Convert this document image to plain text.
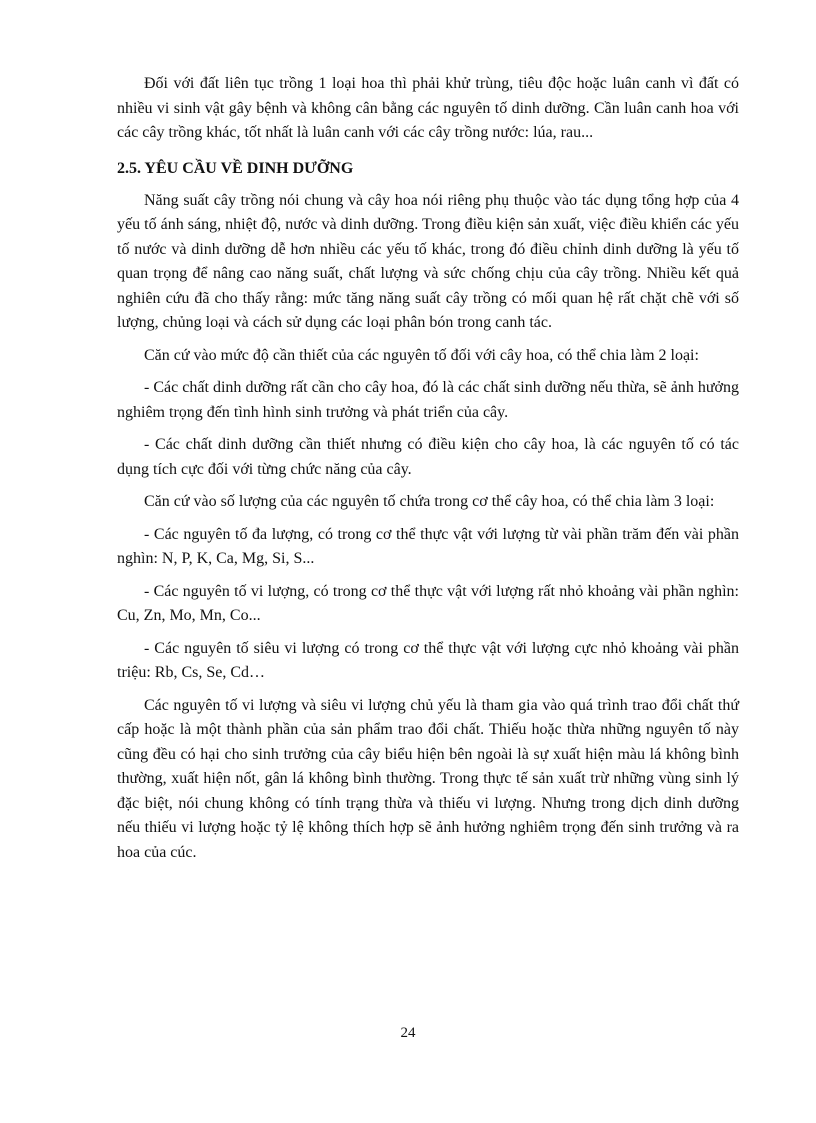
Đối với đất liên tục trồng 1 loại hoa thì phải khử trùng, tiêu độc hoặc luân canh vì đất có nhiều vi sinh vật gây bệnh và không cân bằng các nguyên tố dinh dưỡng. Cần luân canh hoa với các cây trồng khác, tốt nhất là luân canh với các cây trồng nước: lúa, rau...

2.5. YÊU CẦU VỀ DINH DƯỠNG

Năng suất cây trồng nói chung và cây hoa nói riêng phụ thuộc vào tác dụng tổng hợp của 4 yếu tố ánh sáng, nhiệt độ, nước và dinh dưỡng. Trong điều kiện sản xuất, việc điều khiển các yếu tố nước và dinh dưỡng dễ hơn nhiều các yếu tố khác, trong đó điều chỉnh dinh dưỡng là yếu tố quan trọng để nâng cao năng suất, chất lượng và sức chống chịu của cây trồng. Nhiều kết quả nghiên cứu đã cho thấy rằng: mức tăng năng suất cây trồng có mối quan hệ rất chặt chẽ với số lượng, chủng loại và cách sử dụng các loại phân bón trong canh tác.

Căn cứ vào mức độ cần thiết của các nguyên tố đối với cây hoa, có thể chia làm 2 loại:

- Các chất dinh dưỡng rất cần cho cây hoa, đó là các chất sinh dưỡng nếu thừa, sẽ ảnh hưởng nghiêm trọng đến tình hình sinh trưởng và phát triển của cây.

- Các chất dinh dưỡng cần thiết nhưng có điều kiện cho cây hoa, là các nguyên tố có tác dụng tích cực đối với từng chức năng của cây.

Căn cứ vào số lượng của các nguyên tố chứa trong cơ thể cây hoa, có thể chia làm 3 loại:

- Các nguyên tố đa lượng, có trong cơ thể thực vật với lượng từ vài phần trăm đến vài phần nghìn: N, P, K, Ca, Mg, Si, S...

- Các nguyên tố vi lượng, có trong cơ thể thực vật với lượng rất nhỏ khoảng vài phần nghìn: Cu, Zn, Mo, Mn, Co...

- Các nguyên tố siêu vi lượng có trong cơ thể thực vật với lượng cực nhỏ khoảng vài phần triệu: Rb, Cs, Se, Cd…

Các nguyên tố vi lượng và siêu vi lượng chủ yếu là tham gia vào quá trình trao đổi chất thứ cấp hoặc là một thành phần của sản phẩm trao đổi chất. Thiếu hoặc thừa những nguyên tố này cũng đều có hại cho sinh trưởng của cây biểu hiện bên ngoài là sự xuất hiện màu lá không bình thường, xuất hiện nốt, gân lá không bình thường. Trong thực tế sản xuất trừ những vùng sinh lý đặc biệt, nói chung không có tính trạng thừa và thiếu vi lượng. Nhưng trong dịch dinh dưỡng nếu thiếu vi lượng hoặc tỷ lệ không thích hợp sẽ ảnh hưởng nghiêm trọng đến sinh trưởng và ra hoa của cúc.

24
